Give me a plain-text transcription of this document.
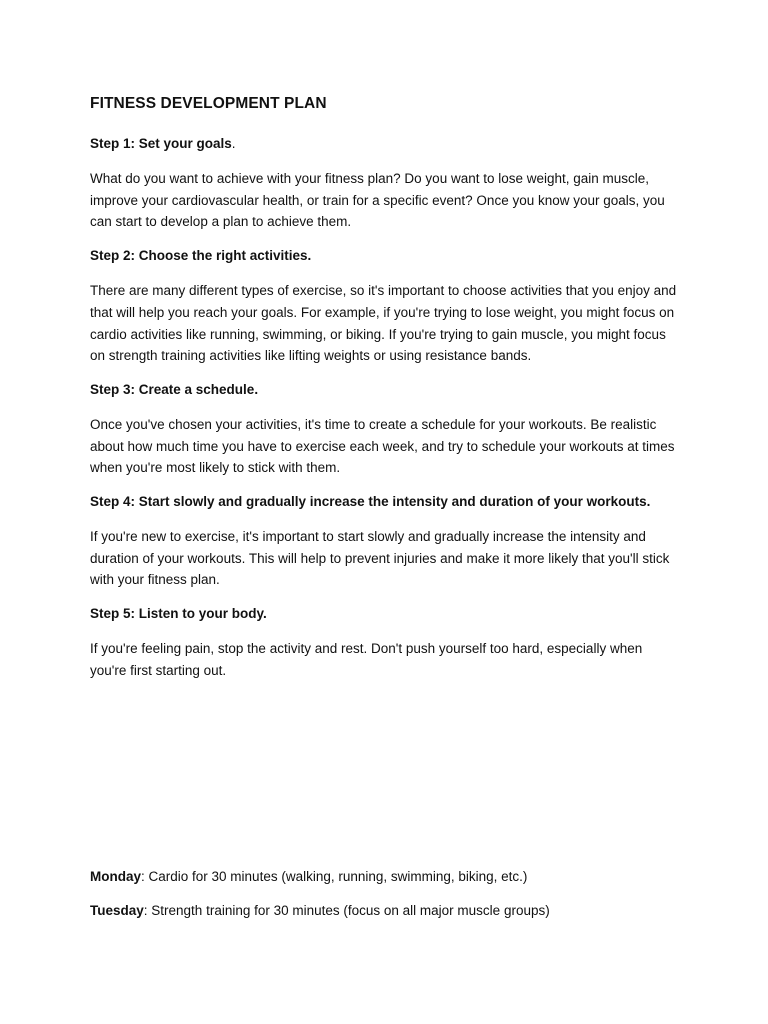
FITNESS DEVELOPMENT PLAN
Step 1: Set your goals.

What do you want to achieve with your fitness plan? Do you want to lose weight, gain muscle, improve your cardiovascular health, or train for a specific event? Once you know your goals, you can start to develop a plan to achieve them.

Step 2: Choose the right activities.

There are many different types of exercise, so it's important to choose activities that you enjoy and that will help you reach your goals. For example, if you're trying to lose weight, you might focus on cardio activities like running, swimming, or biking. If you're trying to gain muscle, you might focus on strength training activities like lifting weights or using resistance bands.

Step 3: Create a schedule.

Once you've chosen your activities, it's time to create a schedule for your workouts. Be realistic about how much time you have to exercise each week, and try to schedule your workouts at times when you're most likely to stick with them.

Step 4: Start slowly and gradually increase the intensity and duration of your workouts.

If you're new to exercise, it's important to start slowly and gradually increase the intensity and duration of your workouts. This will help to prevent injuries and make it more likely that you'll stick with your fitness plan.

Step 5: Listen to your body.

If you're feeling pain, stop the activity and rest. Don't push yourself too hard, especially when you're first starting out.

Monday: Cardio for 30 minutes (walking, running, swimming, biking, etc.)
Tuesday: Strength training for 30 minutes (focus on all major muscle groups)
